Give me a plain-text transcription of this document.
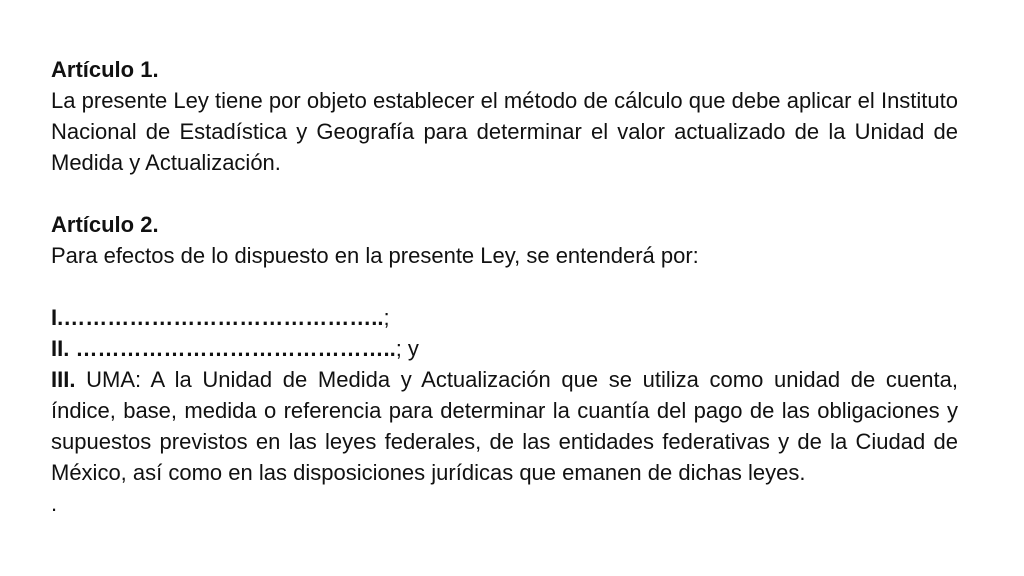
Artículo 1.

La presente Ley tiene por objeto establecer el método de cálculo que debe aplicar el Instituto Nacional de Estadística y Geografía para determinar el valor actualizado de la Unidad de Medida y Actualización.

Artículo 2.

Para efectos de lo dispuesto en la presente Ley, se entenderá por:

I.……………………………………..;

II. ……………………………………..; y

III. UMA: A la Unidad de Medida y Actualización que se utiliza como unidad de cuenta, índice, base, medida o referencia para determinar la cuantía del pago de las obligaciones y supuestos previstos en las leyes federales, de las entidades federativas y de la Ciudad de México, así como en las disposiciones jurídicas que emanen de dichas leyes.

.
